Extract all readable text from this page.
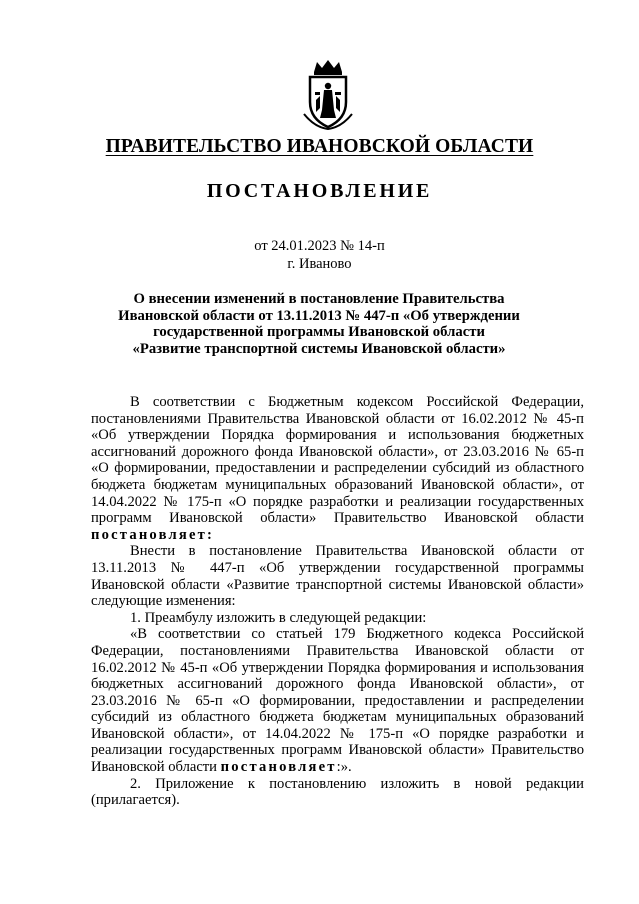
ПРАВИТЕЛЬСТВО ИВАНОВСКОЙ ОБЛАСТИ
ПОСТАНОВЛЕНИЕ
от 24.01.2023 № 14-п
г. Иваново
О внесении изменений в постановление Правительства Ивановской области от 13.11.2013 № 447-п «Об утверждении государственной программы Ивановской области «Развитие транспортной системы Ивановской области»

В соответствии с Бюджетным кодексом Российской Федерации, постановлениями Правительства Ивановской области от 16.02.2012 № 45-п «Об утверждении Порядка формирования и использования бюджетных ассигнований дорожного фонда Ивановской области», от 23.03.2016 № 65-п «О формировании, предоставлении и распределении субсидий из областного бюджета бюджетам муниципальных образований Ивановской области», от 14.04.2022 № 175-п «О порядке разработки и реализации государственных программ Ивановской области» Правительство Ивановской области постановляет:

Внести в постановление Правительства Ивановской области от 13.11.2013 № 447-п «Об утверждении государственной программы Ивановской области «Развитие транспортной системы Ивановской области» следующие изменения:

1. Преамбулу изложить в следующей редакции:

«В соответствии со статьей 179 Бюджетного кодекса Российской Федерации, постановлениями Правительства Ивановской области от 16.02.2012 № 45-п «Об утверждении Порядка формирования и использования бюджетных ассигнований дорожного фонда Ивановской области», от 23.03.2016 № 65-п «О формировании, предоставлении и распределении субсидий из областного бюджета бюджетам муниципальных образований Ивановской области», от 14.04.2022 № 175-п «О порядке разработки и реализации государственных программ Ивановской области» Правительство Ивановской области постановляет:».

2. Приложение к постановлению изложить в новой редакции (прилагается).
